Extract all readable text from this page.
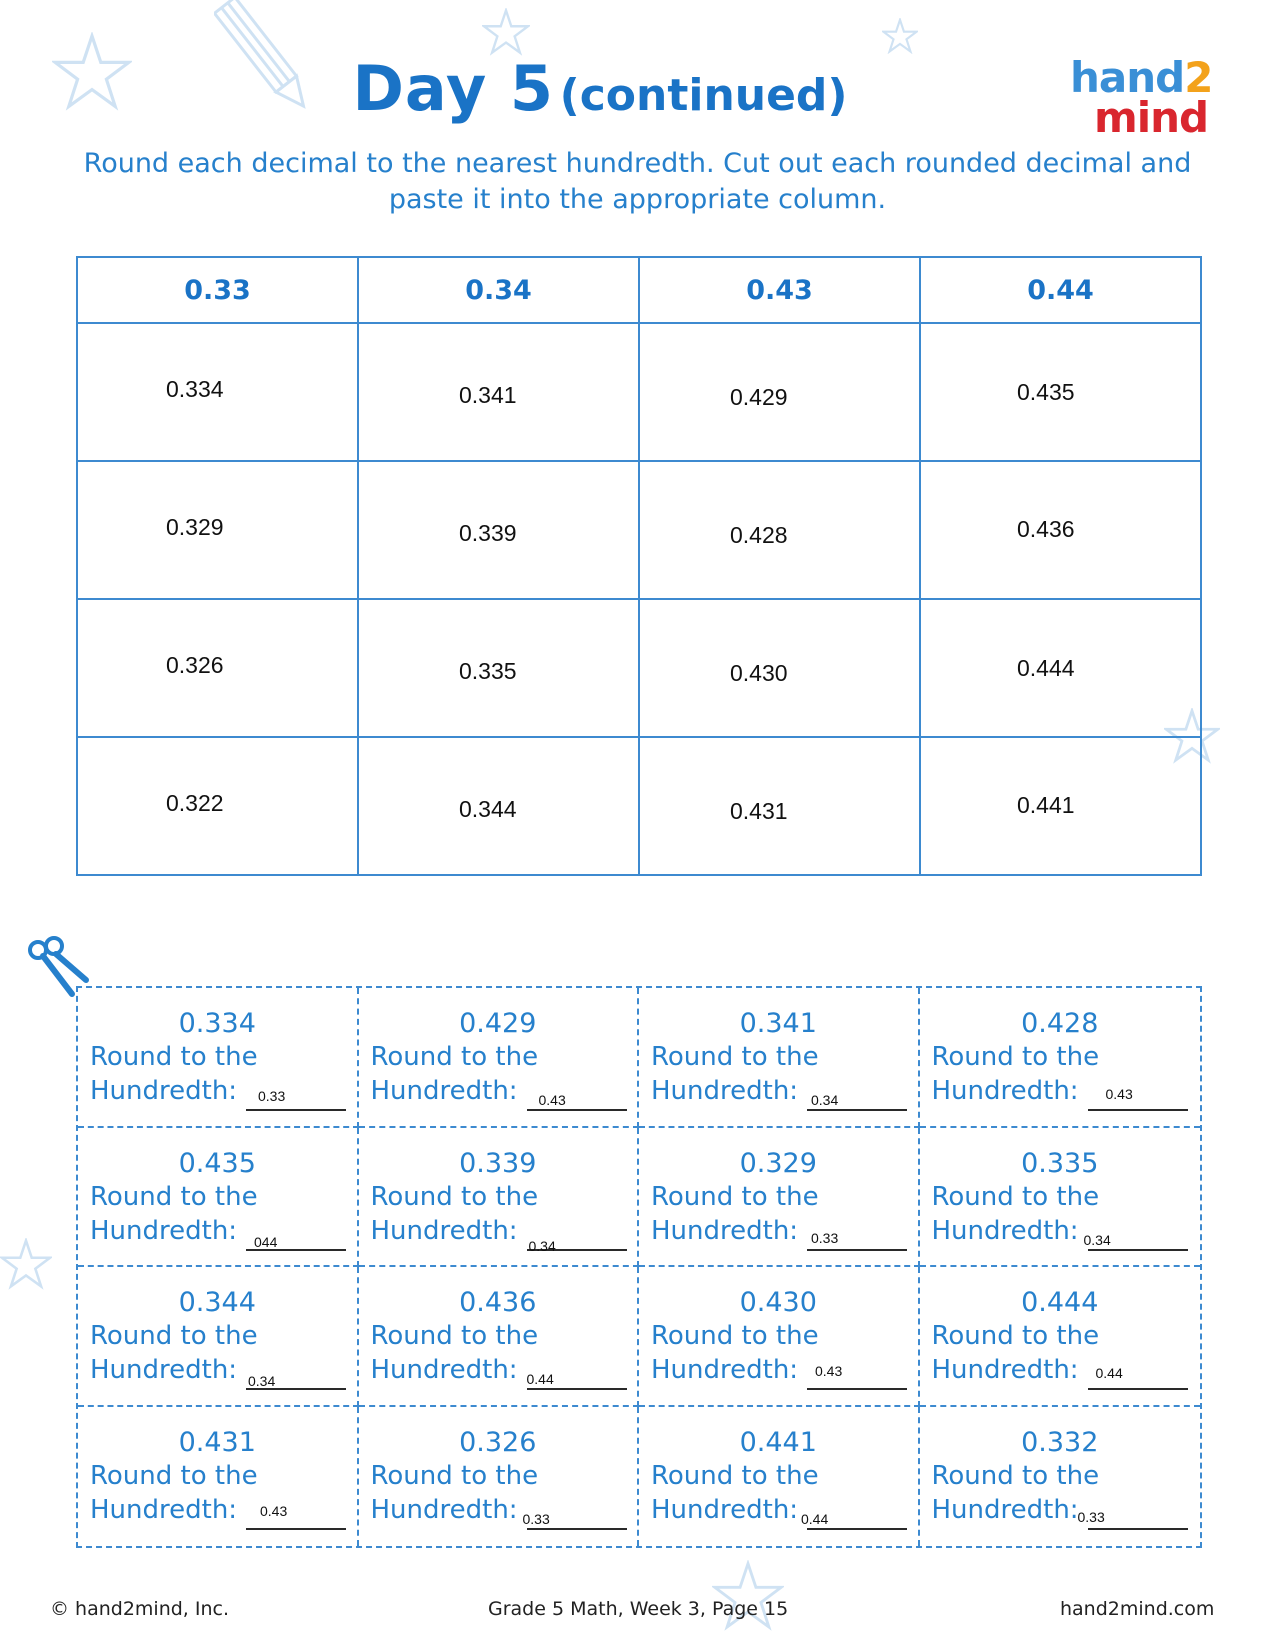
Day 5 (continued)	hand2
mind
Round each decimal to the nearest hundredth. Cut out each rounded decimal and paste it into the appropriate column.
0.33	0.34	0.43	0.44

0.334	0.341	0.429	0.435

0.329	0.339	0.428	0.436

0.326	0.335	0.430	0.444

0.322	0.344	0.431	0.441
0.334
Round to the
Hundredth: 0.33
0.429
Round to the
Hundredth: 0.43
0.341
Round to the
Hundredth: 0.34
0.428
Round to the
Hundredth: 0.43
0.435
Round to the
Hundredth: 044
0.339
Round to the
Hundredth: 0.34
0.329
Round to the
Hundredth: 0.33
0.335
Round to the
Hundredth: 0.34
0.344
Round to the
Hundredth: 0.34
0.436
Round to the
Hundredth: 0.44
0.430
Round to the
Hundredth: 0.43
0.444
Round to the
Hundredth: 0.44
0.431
Round to the
Hundredth: 0.43
0.326
Round to the
Hundredth: 0.33
0.441
Round to the
Hundredth: 0.44
0.332
Round to the
Hundredth:
0.33
© hand2mind, Inc.	Grade 5 Math, Week 3, Page 15	hand2mind.com
